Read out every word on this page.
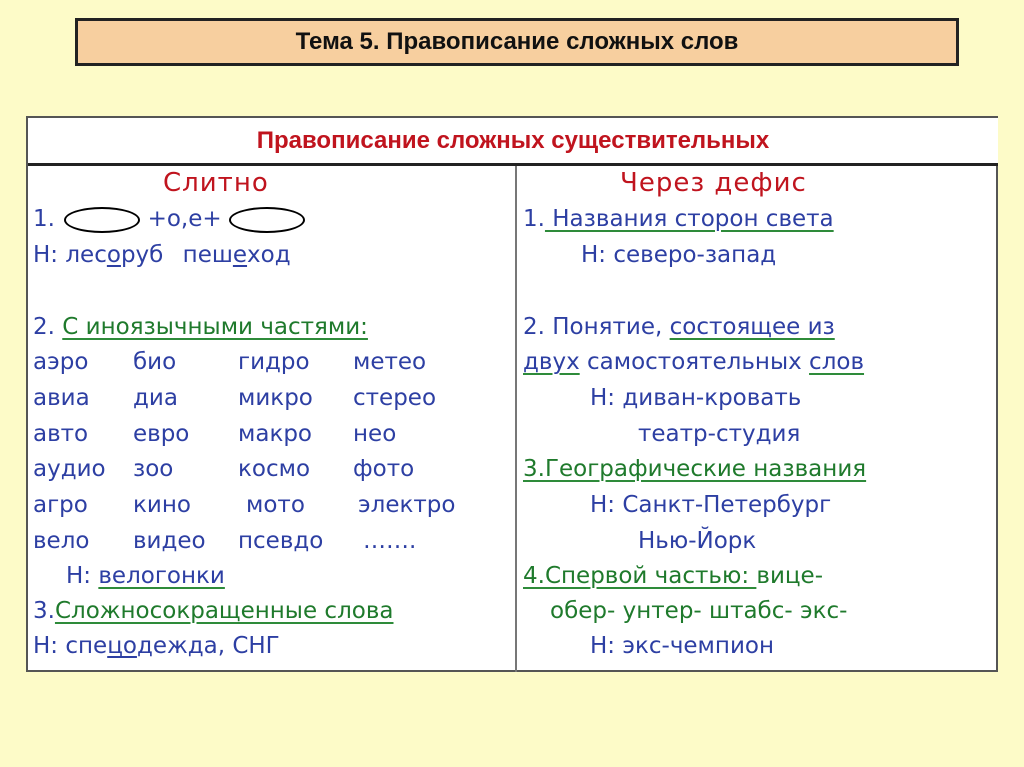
Тема 5. Правописание сложных слов
Правописание сложных существительных
Слитно
1.	+о,е+
Н: лесоруб пешеход
2. С иноязычными частями:
аэро био	гидро метео
авиа диа	микро стерео
авто евро макро нео
аудио зоо	космо фото
агро кино мото электро
вело видео псевдо …….
Н: велогонки
3.Сложносокращенные слова
Н: спецодежда, СНГ
Через дефис
1. Названия сторон света
Н: северо-запад
2. Понятие, состоящее из
двух самостоятельных слов
Н: диван-кровать
театр-студия
3.Географические названия
Н: Санкт-Петербург
Нью-Йорк
4.Спервой частью: вице-
обер- унтер- штабс- экс-
Н: экс-чемпион
